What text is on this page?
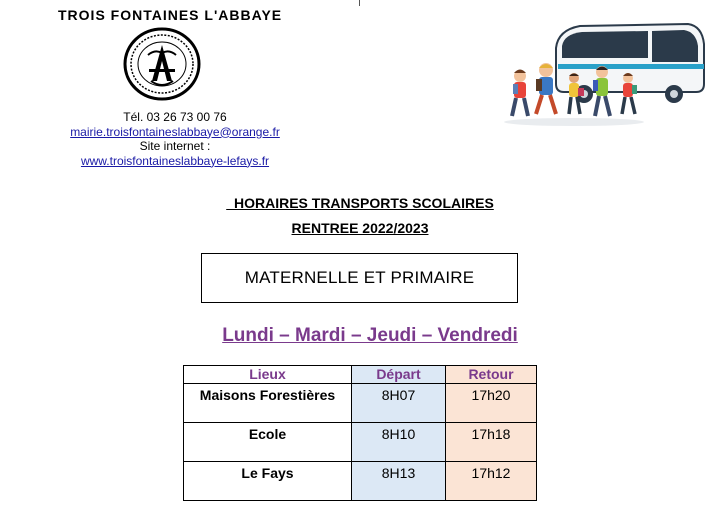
TROIS FONTAINES L'ABBAYE
Tél. 03 26 73 00 76
mairie.troisfontaineslabbaye@orange.fr
Site internet :
www.troisfontaineslabbaye-lefays.fr
HORAIRES TRANSPORTS SCOLAIRES
RENTREE 2022/2023
MATERNELLE ET PRIMAIRE
Lundi – Mardi – Jeudi – Vendredi
Lieux	Départ	Retour
Maisons Forestières	8H07	17h20
Ecole	8H10	17h18
Le Fays	8H13	17h12
